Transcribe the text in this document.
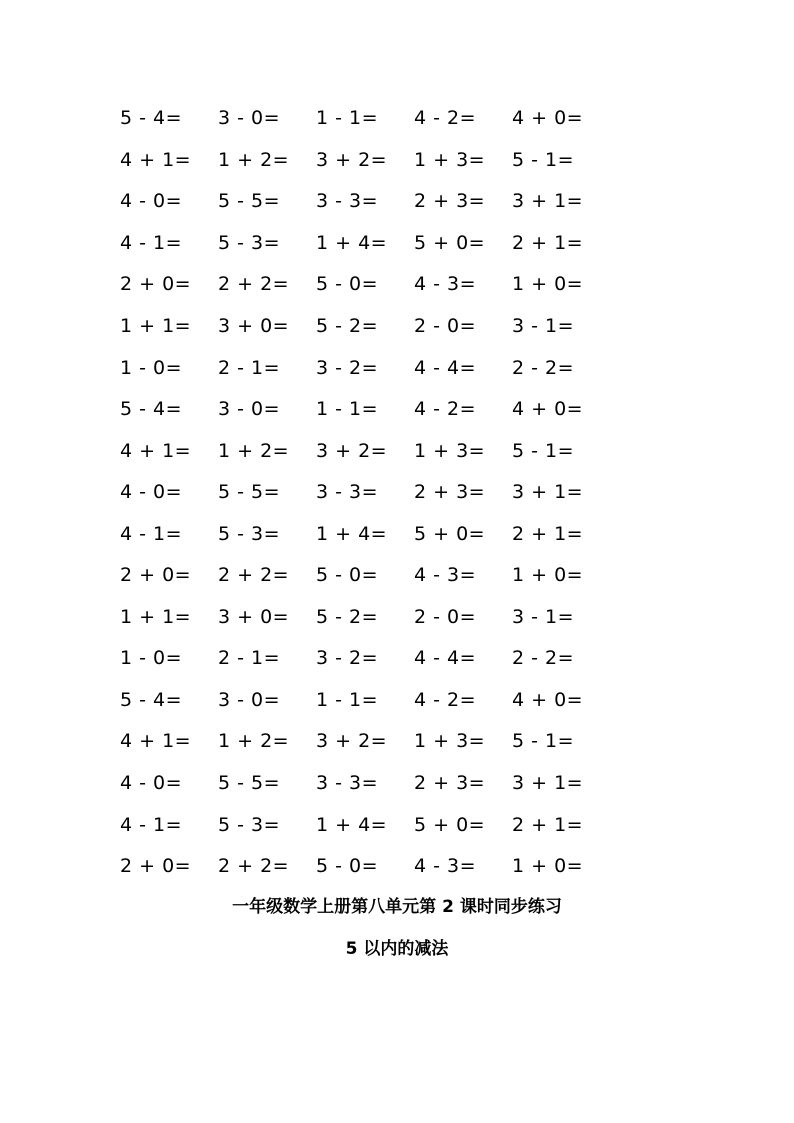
5 - 4=	3 - 0=	1 - 1=	4 - 2=	4 + 0=
4 + 1=	1 + 2=	3 + 2=	1 + 3=	5 - 1=
4 - 0=	5 - 5=	3 - 3=	2 + 3=	3 + 1=
4 - 1=	5 - 3=	1 + 4=	5 + 0=	2 + 1=
2 + 0=	2 + 2=	5 - 0=	4 - 3=	1 + 0=
1 + 1=	3 + 0=	5 - 2=	2 - 0=	3 - 1=
1 - 0=	2 - 1=	3 - 2=	4 - 4=	2 - 2=
5 - 4=	3 - 0=	1 - 1=	4 - 2=	4 + 0=
4 + 1=	1 + 2=	3 + 2=	1 + 3=	5 - 1=
4 - 0=	5 - 5=	3 - 3=	2 + 3=	3 + 1=
4 - 1=	5 - 3=	1 + 4=	5 + 0=	2 + 1=
2 + 0=	2 + 2=	5 - 0=	4 - 3=	1 + 0=
1 + 1=	3 + 0=	5 - 2=	2 - 0=	3 - 1=
1 - 0=	2 - 1=	3 - 2=	4 - 4=	2 - 2=
5 - 4=	3 - 0=	1 - 1=	4 - 2=	4 + 0=
4 + 1=	1 + 2=	3 + 2=	1 + 3=	5 - 1=
4 - 0=	5 - 5=	3 - 3=	2 + 3=	3 + 1=
4 - 1=	5 - 3=	1 + 4=	5 + 0=	2 + 1=
2 + 0=	2 + 2=	5 - 0=	4 - 3=	1 + 0=
一年级数学上册第八单元第 2 课时同步练习
5 以内的减法
